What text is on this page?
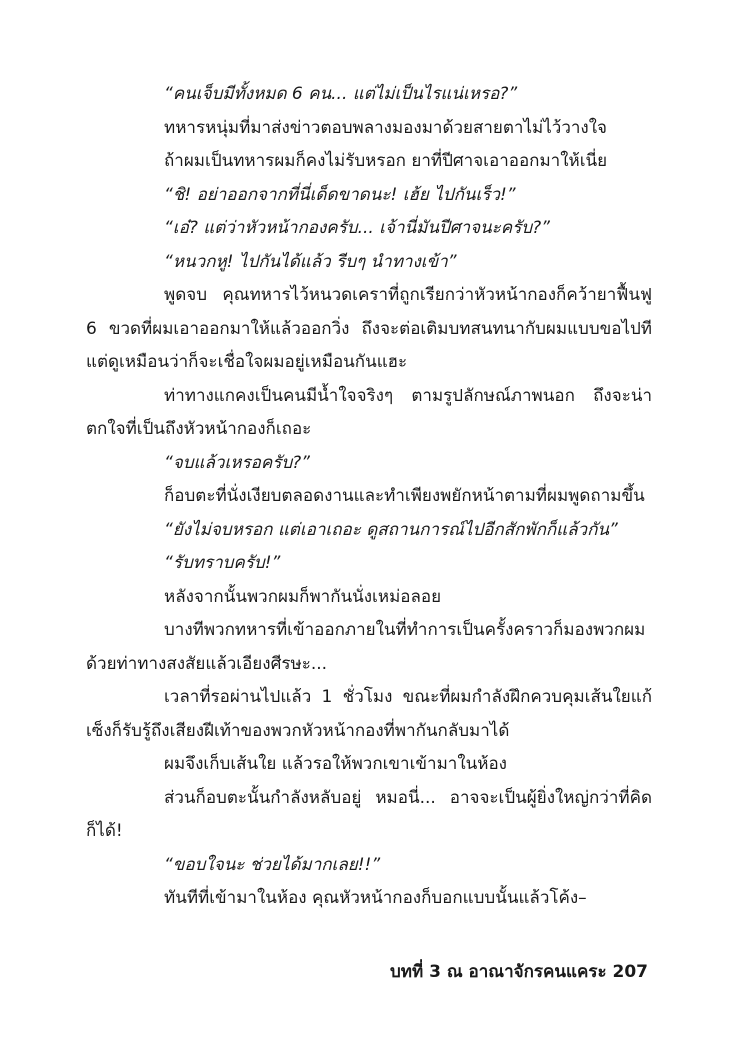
“คนเจ็บมีทั้งหมด 6 คน... แต่ไม่เป็นไรแน่เหรอ?”

ทหารหนุ่มที่มาส่งข่าวตอบพลางมองมาด้วยสายตาไม่ไว้วางใจ

ถ้าผมเป็นทหารผมก็คงไม่รับหรอก ยาที่ปีศาจเอาออกมาให้เนี่ย

“ชิ! อย่าออกจากที่นี่เด็ดขาดนะ! เฮ้ย ไปกันเร็ว!”

“เอ๋? แต่ว่าหัวหน้ากองครับ... เจ้านี่มันปีศาจนะครับ?”

“หนวกหู! ไปกันได้แล้ว รีบๆ นำทางเข้า”

พูดจบ คุณทหารไว้หนวดเคราที่ถูกเรียกว่าหัวหน้ากองก็คว้ายาฟื้นฟู 6 ขวดที่ผมเอาออกมาให้แล้วออกวิ่ง ถึงจะต่อเติมบทสนทนากับผมแบบขอไปที แต่ดูเหมือนว่าก็จะเชื่อใจผมอยู่เหมือนกันแฮะ

ท่าทางแกคงเป็นคนมีน้ำใจจริงๆ ตามรูปลักษณ์ภาพนอก ถึงจะน่าตกใจที่เป็นถึงหัวหน้ากองก็เถอะ

“จบแล้วเหรอครับ?”

ก็อบตะที่นั่งเงียบตลอดงานและทำเพียงพยักหน้าตามที่ผมพูดถามขึ้น

“ยังไม่จบหรอก แต่เอาเถอะ ดูสถานการณ์ไปอีกสักพักก็แล้วกัน”

“รับทราบครับ!”

หลังจากนั้นพวกผมก็พากันนั่งเหม่อลอย

บางทีพวกทหารที่เข้าออกภายในที่ทำการเป็นครั้งคราวก็มองพวกผมด้วยท่าทางสงสัยแล้วเอียงศีรษะ...

เวลาที่รอผ่านไปแล้ว 1 ชั่วโมง ขณะที่ผมกำลังฝึกควบคุมเส้นใยแก้เซ็งก็รับรู้ถึงเสียงฝีเท้าของพวกหัวหน้ากองที่พากันกลับมาได้

ผมจึงเก็บเส้นใย แล้วรอให้พวกเขาเข้ามาในห้อง

ส่วนก็อบตะนั้นกำลังหลับอยู่ หมอนี่... อาจจะเป็นผู้ยิ่งใหญ่กว่าที่คิดก็ได้!

“ขอบใจนะ ช่วยได้มากเลย!!”

ทันทีที่เข้ามาในห้อง คุณหัวหน้ากองก็บอกแบบนั้นแล้วโค้ง–

บทที่ 3 ณ อาณาจักรคนแคระ 207
